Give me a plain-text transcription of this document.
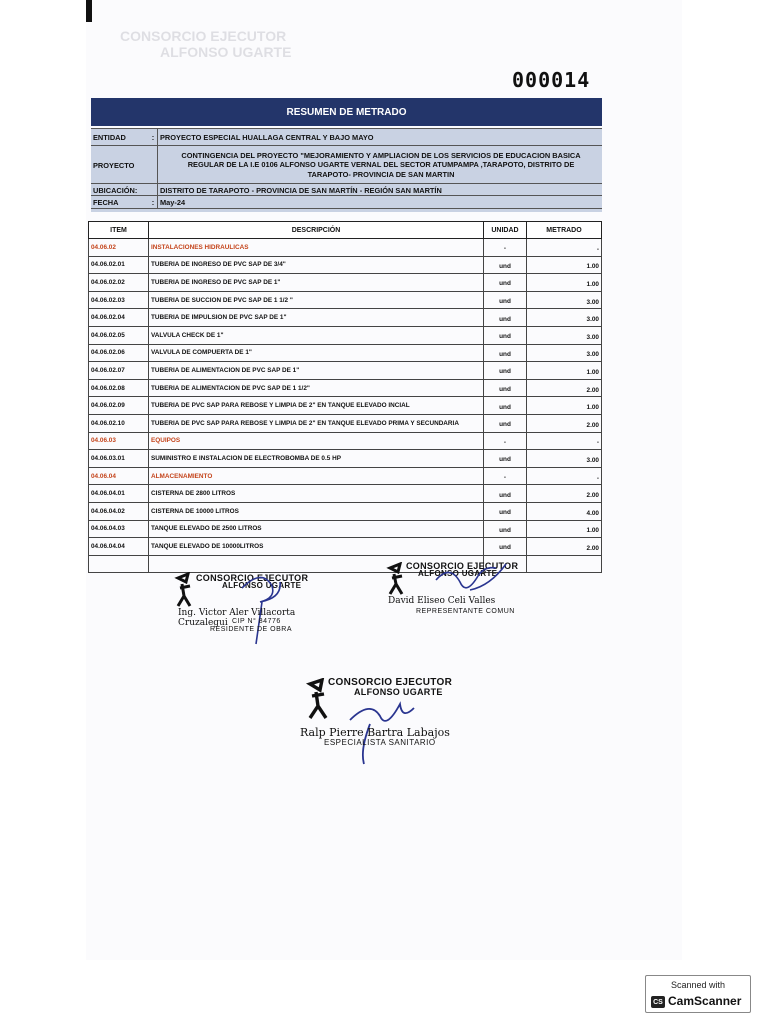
CONSORCIO EJECUTOR
ALFONSO UGARTE
000014
RESUMEN DE METRADO
ENTIDAD	: PROYECTO ESPECIAL HUALLAGA CENTRAL Y BAJO MAYO
PROYECTO
CONTINGENCIA DEL PROYECTO "MEJORAMIENTO Y AMPLIACION DE LOS SERVICIOS DE EDUCACION BASICA
REGULAR DE LA I.E 0106 ALFONSO UGARTE VERNAL DEL SECTOR ATUMPAMPA ,TARAPOTO, DISTRITO DE
TARAPOTO- PROVINCIA DE SAN MARTIN
UBICACIÓN:	DISTRITO DE TARAPOTO - PROVINCIA DE SAN MARTÍN - REGIÓN SAN MARTÍN
FECHA	: May-24
ITEM	DESCRIPCIÓN	UNIDAD	METRADO
04.06.02	INSTALACIONES HIDRAULICAS	-	-
04.06.02.01	TUBERIA DE INGRESO DE PVC SAP DE 3/4"	und	1.00
04.06.02.02	TUBERIA DE INGRESO DE PVC SAP DE 1"	und	1.00
04.06.02.03	TUBERIA DE SUCCION DE PVC SAP DE 1 1/2 "	und	3.00
04.06.02.04	TUBERIA DE IMPULSION DE PVC SAP DE 1"	und	3.00
04.06.02.05	VALVULA CHECK DE 1"	und	3.00
04.06.02.06	VALVULA DE COMPUERTA DE 1"	und	3.00
04.06.02.07	TUBERIA DE ALIMENTACION DE PVC SAP DE 1"	und	1.00
04.06.02.08	TUBERIA DE ALIMENTACION DE PVC SAP DE 1 1/2"	und	2.00
04.06.02.09	TUBERIA DE PVC SAP PARA REBOSE Y LIMPIA DE 2" EN TANQUE ELEVADO INCIAL	und	1.00
04.06.02.10	TUBERIA DE PVC SAP PARA REBOSE Y LIMPIA DE 2" EN TANQUE ELEVADO PRIMA Y SECUNDARIA	und	2.00
04.06.03	EQUIPOS	-	-
04.06.03.01	SUMINISTRO E INSTALACION DE ELECTROBOMBA DE 0.5 HP	und	3.00
04.06.04	ALMACENAMIENTO	-	-
04.06.04.01	CISTERNA DE 2800 LITROS	und	2.00
04.06.04.02	CISTERNA DE 10000 LITROS	und	4.00
04.06.04.03	TANQUE ELEVADO DE 2500 LITROS	und	1.00
04.06.04.04	TANQUE ELEVADO DE 10000LITROS	und	2.00

CONSORCIO EJECUTOR
ALFONSO UGARTE
Ing. Victor Aler Villacorta Cruzalegui CIP N° 84776
RESIDENTE DE OBRA
CONSORCIO EJECUTOR
ALFONSO UGARTE
David Eliseo Celi Valles
REPRESENTANTE COMUN
CONSORCIO EJECUTOR
ALFONSO UGARTE
Ralp Pierre Bartra Labajos
ESPECIALISTA SANITARIO
Scanned with
CS CamScanner
